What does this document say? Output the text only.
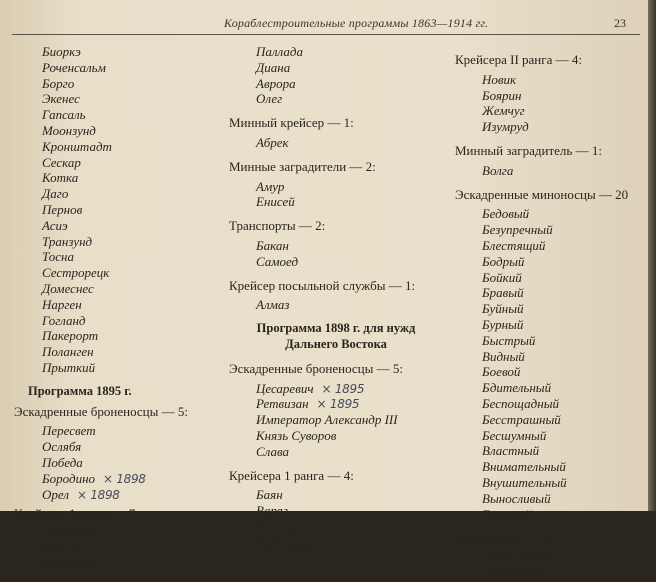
Кораблестроительные программы 1863—1914 гг.	23
Биоркэ
Роченсальм
Борго
Экенес
Гапсаль
Моонзунд
Кронштадт
Сескар
Котка
Даго
Пернов
Асиэ
Транзунд
Тосна
Сестрорецк
Домеснес
Нарген
Гогланд
Пакерорт
Поланген
Прыткий
Программа 1895 г.
Эскадренные броненосцы — 5:
Пересвет
Ослябя
Победа
Бородино × 1898
Орел × 1898
Крейсера 1 ранга — 7:
Светлана
Россия
Громобой
Паллада
Диана
Аврора
Олег
Минный крейсер — 1:
Абрек
Минные заградители — 2:
Амур
Енисей
Транспорты — 2:
Бакан
Самоед
Крейсер посыльной службы — 1:
Алмаз
Программа 1898 г. для нужд
Дальнего Востока
Эскадренные броненосцы — 5:
Цесаревич × 1895
Ретвизан × 1895
Император Александр III
Князь Суворов
Слава
Крейсера 1 ранга — 4:
Баян
Варяг
Аскольд
Богатырь
Крейсера II ранга — 4:
Новик
Боярин
Жемчуг
Изумруд
Минный заградитель — 1:
Волга
Эскадренные миноносцы — 20
Бедовый
Безупречный
Блестящий
Бодрый
Бойкий
Бравый
Буйный
Бурный
Быстрый
Видный
Боевой
Бдительный
Беспощадный
Бесстрашный
Бесшумный
Властный
Внимательный
Внушительный
Выносливый
Грозовой
Миноносцы — 12:
Подвижный
Послушный
